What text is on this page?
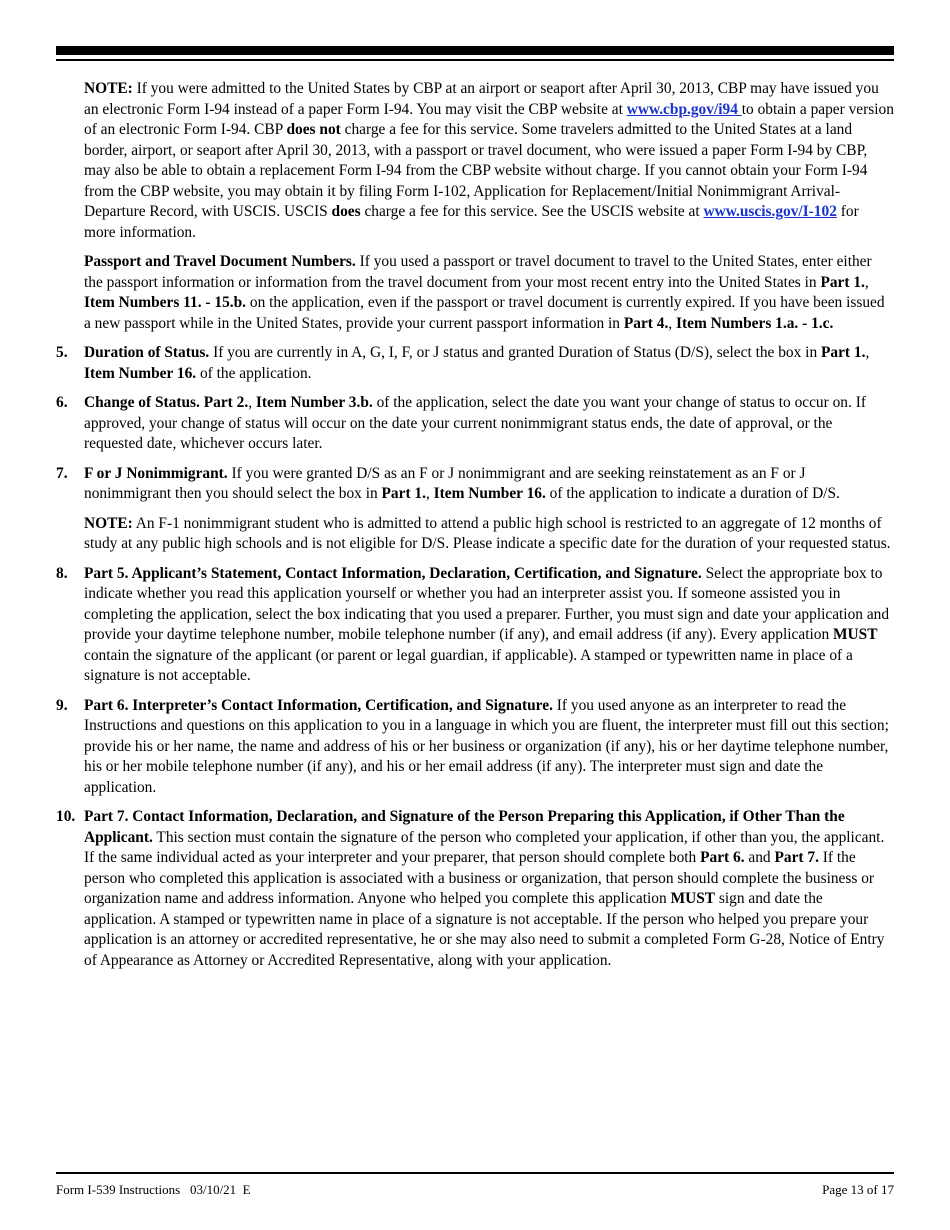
NOTE: If you were admitted to the United States by CBP at an airport or seaport after April 30, 2013, CBP may have issued you an electronic Form I-94 instead of a paper Form I-94. You may visit the CBP website at www.cbp.gov/i94 to obtain a paper version of an electronic Form I-94. CBP does not charge a fee for this service. Some travelers admitted to the United States at a land border, airport, or seaport after April 30, 2013, with a passport or travel document, who were issued a paper Form I-94 by CBP, may also be able to obtain a replacement Form I-94 from the CBP website without charge. If you cannot obtain your Form I-94 from the CBP website, you may obtain it by filing Form I-102, Application for Replacement/Initial Nonimmigrant Arrival-Departure Record, with USCIS. USCIS does charge a fee for this service. See the USCIS website at www.uscis.gov/I-102 for more information.

Passport and Travel Document Numbers. If you used a passport or travel document to travel to the United States, enter either the passport information or information from the travel document from your most recent entry into the United States in Part 1., Item Numbers 11. - 15.b. on the application, even if the passport or travel document is currently expired. If you have been issued a new passport while in the United States, provide your current passport information in Part 4., Item Numbers 1.a. - 1.c.

5.	Duration of Status. If you are currently in A, G, I, F, or J status and granted Duration of Status (D/S), select the box in Part 1., Item Number 16. of the application.
6.	Change of Status. Part 2., Item Number 3.b. of the application, select the date you want your change of status to occur on. If approved, your change of status will occur on the date your current nonimmigrant status ends, the date of approval, or the requested date, whichever occurs later.
7.	F or J Nonimmigrant. If you were granted D/S as an F or J nonimmigrant and are seeking reinstatement as an F or J nonimmigrant then you should select the box in Part 1., Item Number 16. of the application to indicate a duration of D/S.

NOTE: An F-1 nonimmigrant student who is admitted to attend a public high school is restricted to an aggregate of 12 months of study at any public high schools and is not eligible for D/S. Please indicate a specific date for the duration of your requested status.

8.	Part 5. Applicant’s Statement, Contact Information, Declaration, Certification, and Signature. Select the appropriate box to indicate whether you read this application yourself or whether you had an interpreter assist you. If someone assisted you in completing the application, select the box indicating that you used a preparer. Further, you must sign and date your application and provide your daytime telephone number, mobile telephone number (if any), and email address (if any). Every application MUST contain the signature of the applicant (or parent or legal guardian, if applicable). A stamped or typewritten name in place of a signature is not acceptable.
9.	Part 6. Interpreter’s Contact Information, Certification, and Signature. If you used anyone as an interpreter to read the Instructions and questions on this application to you in a language in which you are fluent, the interpreter must fill out this section; provide his or her name, the name and address of his or her business or organization (if any), his or her daytime telephone number, his or her mobile telephone number (if any), and his or her email address (if any). The interpreter must sign and date the application.
10. Part 7. Contact Information, Declaration, and Signature of the Person Preparing this Application, if Other Than the Applicant. This section must contain the signature of the person who completed your application, if other than you, the applicant. If the same individual acted as your interpreter and your preparer, that person should complete both Part 6. and Part 7. If the person who completed this application is associated with a business or organization, that person should complete the business or organization name and address information. Anyone who helped you complete this application MUST sign and date the application. A stamped or typewritten name in place of a signature is not acceptable. If the person who helped you prepare your application is an attorney or accredited representative, he or she may also need to submit a completed Form G-28, Notice of Entry of Appearance as Attorney or Accredited Representative, along with your application.
Form I-539 Instructions   03/10/21  E	Page 13 of 17
